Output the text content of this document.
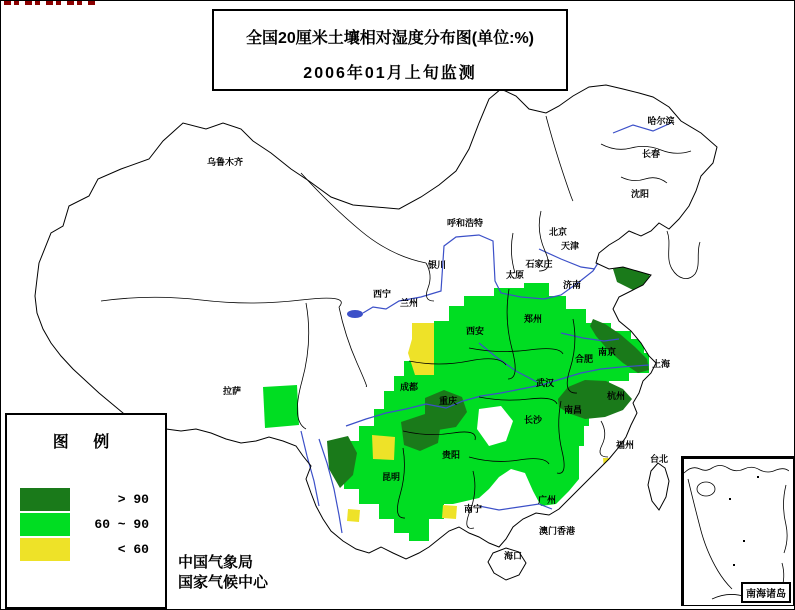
乌鲁木齐
哈尔滨
长春
沈阳
呼和浩特
北京
天津
银川	石家庄
太原
济南
西宁
兰州
郑州
西安
南京
合肥	上海
杭州
武汉
成都
重庆
拉萨
南昌
长沙
贵阳
昆明
福州
台北
广州
南宁
澳门香港
海口
全国20厘米土壤相对湿度分布图(单位:%)
2006年01月上旬监测
图 例
> 90
60 ~ 90
< 60
中国气象局
国家气候中心
南海诸岛
